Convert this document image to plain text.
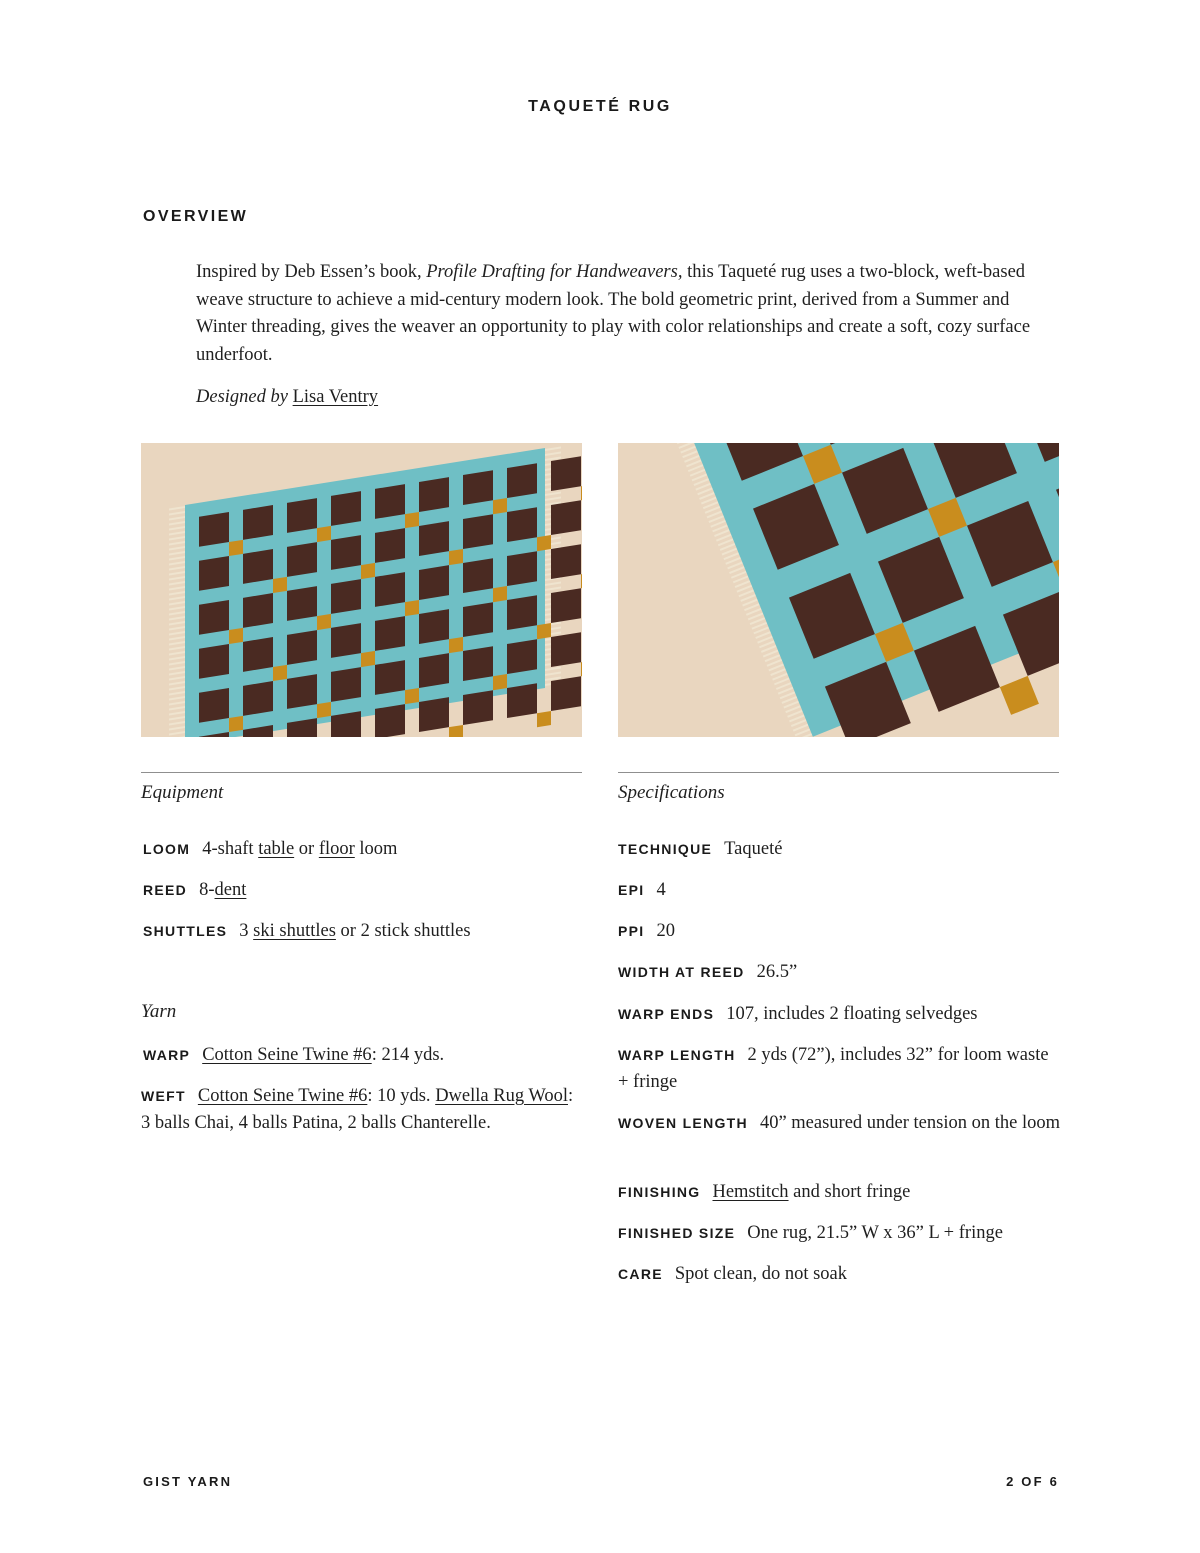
TAQUETÉ RUG
OVERVIEW

Inspired by Deb Essen’s book, Profile Drafting for Handweavers, this Taqueté rug uses a two-block, weft-based weave structure to achieve a mid-century modern look. The bold geometric print, derived from a Summer and Winter threading, gives the weaver an opportunity to play with color relationships and create a soft, cozy surface underfoot.

Designed by Lisa Ventry

Equipment
LOOM 4-shaft table or floor loom
REED 8-dent
SHUTTLES 3 ski shuttles or 2 stick shuttles
Yarn
WARP Cotton Seine Twine #6: 214 yds.
WEFT Cotton Seine Twine #6: 10 yds. Dwella Rug Wool: 3 balls Chai, 4 balls Patina, 2 balls Chanterelle.
Specifications
TECHNIQUE Taqueté
EPI 4
PPI 20
WIDTH AT REED 26.5”
WARP ENDS 107, includes 2 floating selvedges
WARP LENGTH 2 yds (72”), includes 32” for loom waste + fringe
WOVEN LENGTH 40” measured under tension on the loom
FINISHING Hemstitch and short fringe
FINISHED SIZE One rug, 21.5” W x 36” L + fringe
CARE Spot clean, do not soak
GIST YARN	2 OF 6
